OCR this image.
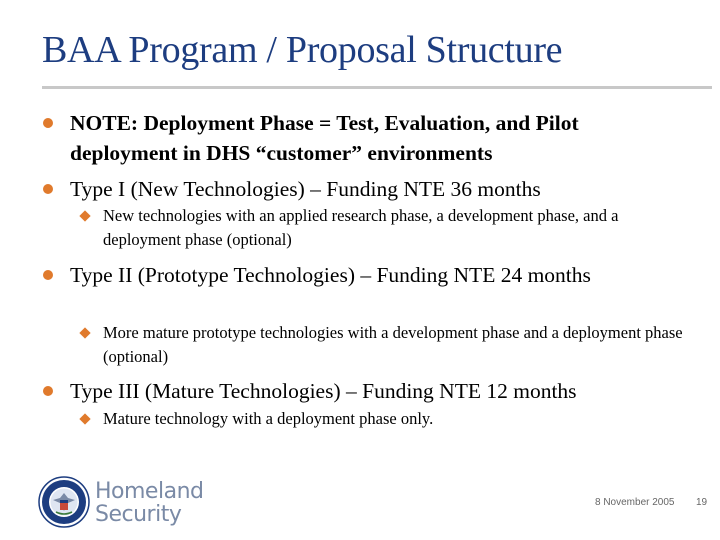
BAA Program / Proposal Structure
NOTE: Deployment Phase = Test, Evaluation, and Pilot deployment in DHS “customer” environments
Type I (New Technologies) – Funding NTE 36 months
New technologies with an applied research phase, a development phase, and a deployment phase (optional)
Type II (Prototype Technologies) – Funding NTE 24 months
More mature prototype technologies with a development phase and a deployment phase (optional)
Type III (Mature Technologies) – Funding NTE 12 months
Mature technology with a deployment phase only.
Homeland
Security	8 November 2005 19
